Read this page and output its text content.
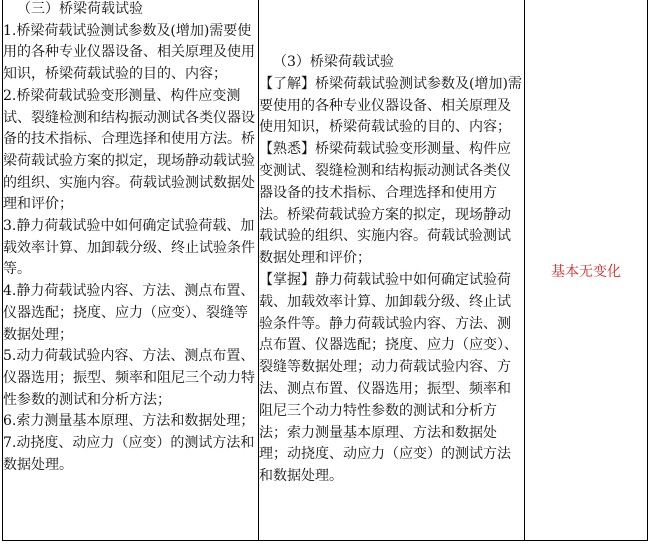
（三）桥梁荷载试验
1.桥梁荷载试验测试参数及(增加)需要使用的各种专业仪器设备、相关原理及使用知识，桥梁荷载试验的目的、内容；
2.桥梁荷载试验变形测量、构件应变测试、裂缝检测和结构振动测试各类仪器设备的技术指标、合理选择和使用方法。桥梁荷载试验方案的拟定，现场静动载试验的组织、实施内容。荷载试验测试数据处理和评价；
3.静力荷载试验中如何确定试验荷载、加载效率计算、加卸载分级、终止试验条件等。
4.静力荷载试验内容、方法、测点布置、仪器选配；挠度、应力（应变）、裂缝等数据处理；
5.动力荷载试验内容、方法、测点布置、仪器选用；振型、频率和阻尼三个动力特性参数的测试和分析方法；
6.索力测量基本原理、方法和数据处理；
7.动挠度、动应力（应变）的测试方法和数据处理。

（3）桥梁荷载试验
【了解】桥梁荷载试验测试参数及(增加)需要使用的各种专业仪器设备、相关原理及使用知识，桥梁荷载试验的目的、内容；
【熟悉】桥梁荷载试验变形测量、构件应变测试、裂缝检测和结构振动测试各类仪器设备的技术指标、合理选择和使用方法。桥梁荷载试验方案的拟定，现场静动载试验的组织、实施内容。荷载试验测试数据处理和评价；
【掌握】静力荷载试验中如何确定试验荷载、加载效率计算、加卸载分级、终止试验条件等。静力荷载试验内容、方法、测点布置、仪器选配；挠度、应力（应变）、裂缝等数据处理；动力荷载试验内容、方法、测点布置、仪器选用；振型、频率和阻尼三个动力特性参数的测试和分析方法；索力测量基本原理、方法和数据处理；动挠度、动应力（应变）的测试方法和数据处理。

基本无变化
